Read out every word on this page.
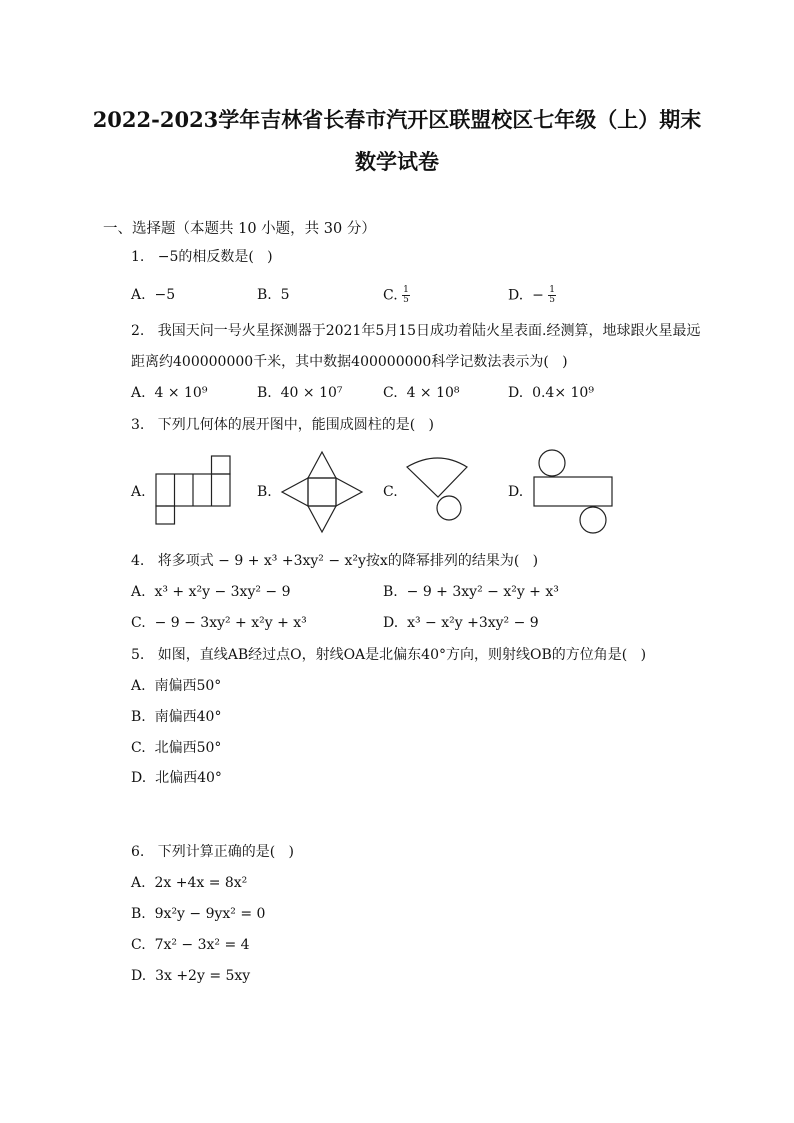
2022-2023学年吉林省长春市汽开区联盟校区七年级（上）期末
数学试卷
一、选择题（本题共 10 小题，共 30 分）
1.   −5的相反数是(   )
A.  −5	B.  5	C. $\frac{1}{5}$	D.  − $\frac{1}{5}$
2.   我国天问一号火星探测器于2021年5月15日成功着陆火星表面.经测算，地球跟火星最远
距离约400000000千米，其中数据400000000科学记数法表示为(   )
A.  4 × 10⁹	B.  40 × 10⁷	C.  4 × 10⁸	D.  0.4× 10⁹
3.   下列几何体的展开图中，能围成圆柱的是(   )
A.	B.	C.	D.
4.   将多项式 − 9 + x³ +3xy² − x²y按x的降幂排列的结果为(   )
A.  x³ + x²y − 3xy² − 9	B.  − 9 + 3xy² − x²y + x³
C.  − 9 − 3xy² + x²y + x³	D.  x³ − x²y +3xy² − 9
5.   如图，直线AB经过点O，射线OA是北偏东40°方向，则射线OB的方位角是(   )
A.  南偏西50°
B.  南偏西40°
C.  北偏西50°
D.  北偏西40°
6.   下列计算正确的是(   )
A.  2x +4x = 8x²
B.  9x²y − 9yx² = 0
C.  7x² − 3x² = 4
D.  3x +2y = 5xy
